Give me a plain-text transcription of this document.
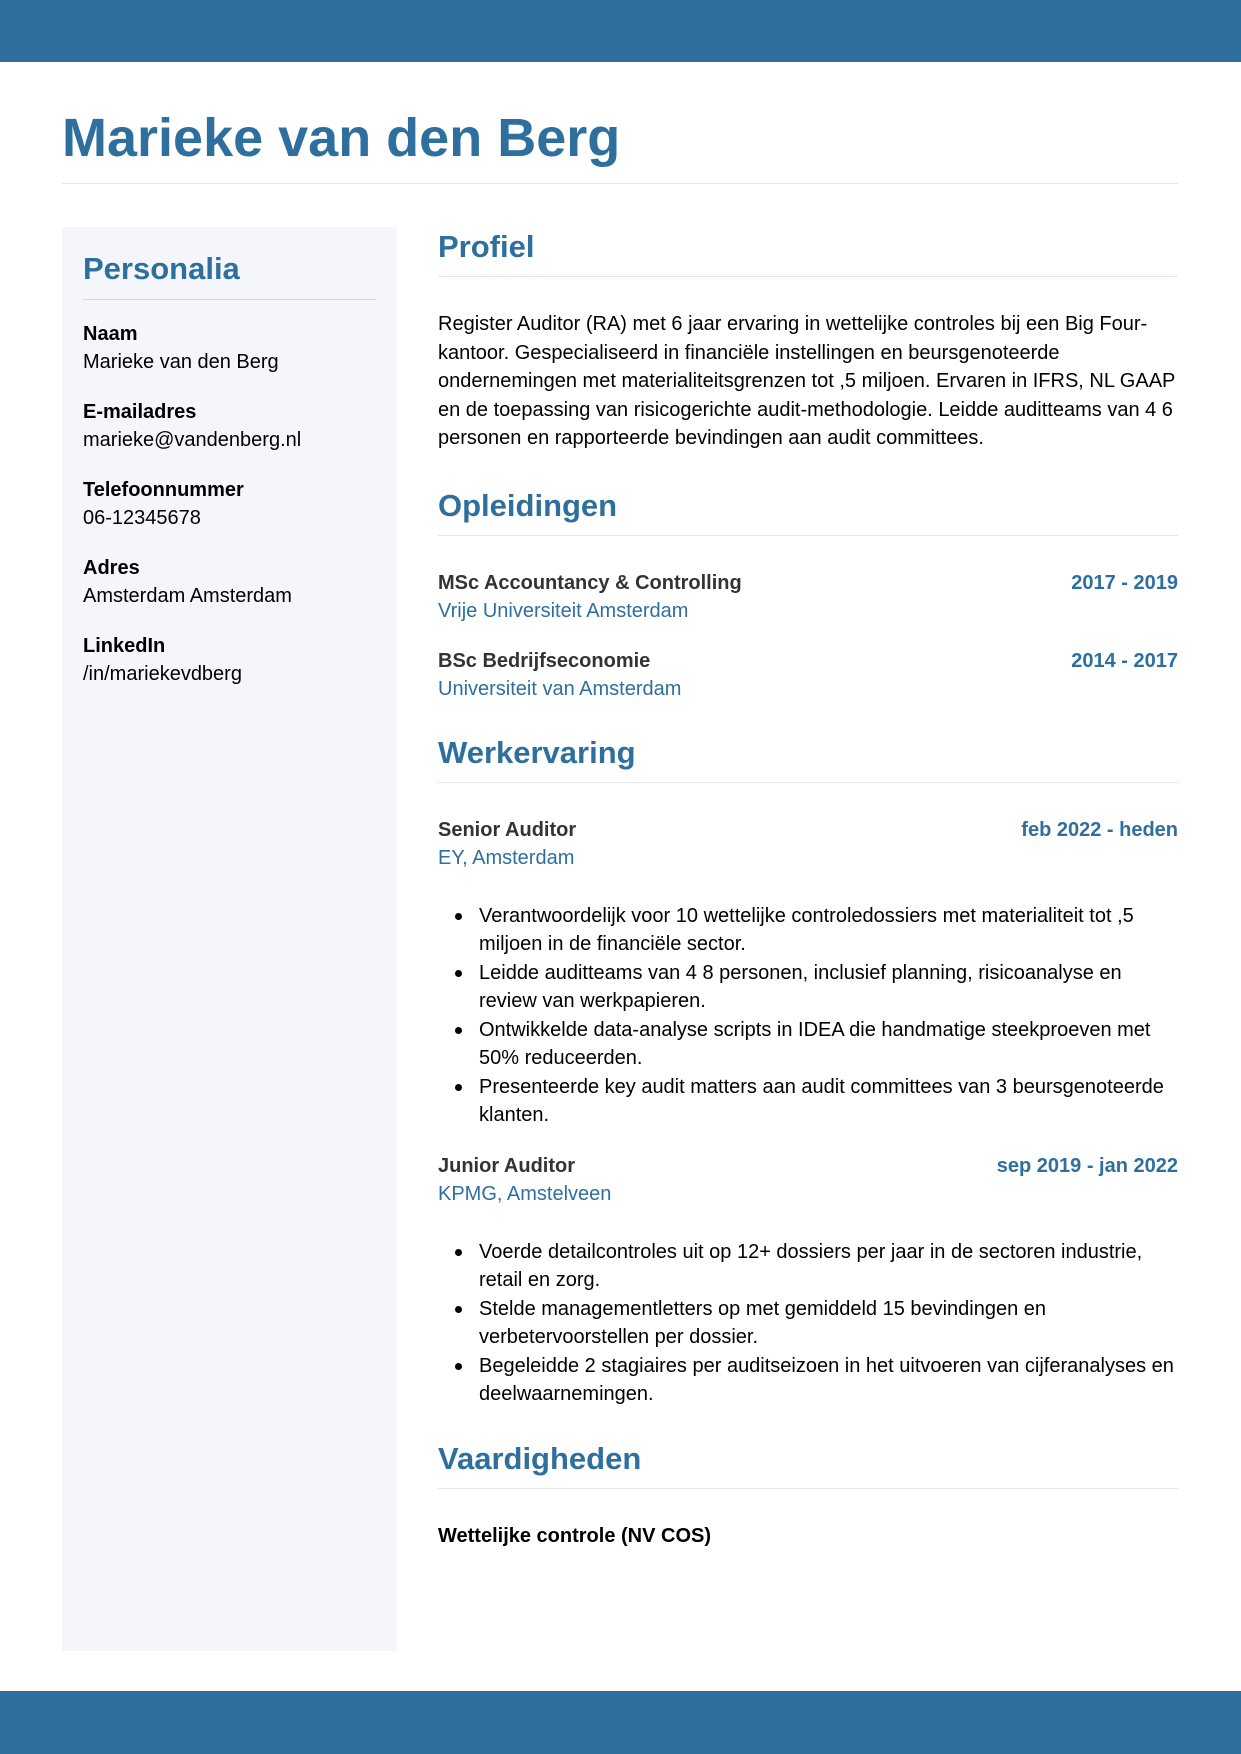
Marieke van den Berg
Personalia
Naam
Marieke van den Berg
E-mailadres
marieke@vandenberg.nl
Telefoonnummer
06-12345678
Adres
Amsterdam Amsterdam
LinkedIn
/in/mariekevdberg
Profiel

Register Auditor (RA) met 6 jaar ervaring in wettelijke controles bij een Big Four-kantoor. Gespecialiseerd in financiële instellingen en beursgenoteerde ondernemingen met materialiteitsgrenzen tot ,5 miljoen. Ervaren in IFRS, NL GAAP en de toepassing van risicogerichte audit-methodologie. Leidde auditteams van 4 6 personen en rapporteerde bevindingen aan audit committees.

Opleidingen
MSc Accountancy & Controlling	2017 - 2019
Vrije Universiteit Amsterdam
BSc Bedrijfseconomie	2014 - 2017
Universiteit van Amsterdam
Werkervaring
Senior Auditor	feb 2022 - heden
EY, Amsterdam
Verantwoordelijk voor 10 wettelijke controledossiers met materialiteit tot ,5 miljoen in de financiële sector.
Leidde auditteams van 4 8 personen, inclusief planning, risicoanalyse en review van werkpapieren.
Ontwikkelde data-analyse scripts in IDEA die handmatige steekproeven met 50% reduceerden.
Presenteerde key audit matters aan audit committees van 3 beursgenoteerde klanten.
Junior Auditor	sep 2019 - jan 2022
KPMG, Amstelveen
Voerde detailcontroles uit op 12+ dossiers per jaar in de sectoren industrie, retail en zorg.
Stelde managementletters op met gemiddeld 15 bevindingen en verbetervoorstellen per dossier.
Begeleidde 2 stagiaires per auditseizoen in het uitvoeren van cijferanalyses en deelwaarnemingen.
Vaardigheden
Wettelijke controle (NV COS)
